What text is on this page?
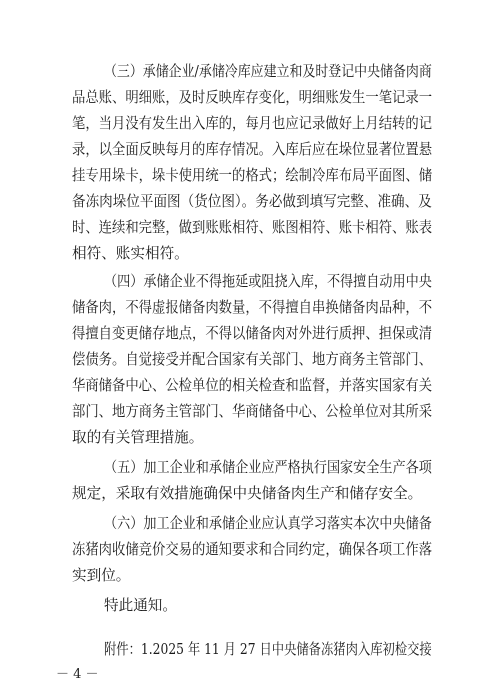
（三）承储企业/承储冷库应建立和及时登记中央储备肉商
品总账、明细账，及时反映库存变化，明细账发生一笔记录一
笔，当月没有发生出入库的，每月也应记录做好上月结转的记
录，以全面反映每月的库存情况。入库后应在垛位显著位置悬
挂专用垛卡，垛卡使用统一的格式；绘制冷库布局平面图、储
备冻肉垛位平面图（货位图）。务必做到填写完整、准确、及
时、连续和完整，做到账账相符、账图相符、账卡相符、账表
相符、账实相符。
（四）承储企业不得拖延或阻挠入库，不得擅自动用中央
储备肉，不得虚报储备肉数量，不得擅自串换储备肉品种，不
得擅自变更储存地点，不得以储备肉对外进行质押、担保或清
偿债务。自觉接受并配合国家有关部门、地方商务主管部门、
华商储备中心、公检单位的相关检查和监督，并落实国家有关
部门、地方商务主管部门、华商储备中心、公检单位对其所采
取的有关管理措施。
（五）加工企业和承储企业应严格执行国家安全生产各项
规定，采取有效措施确保中央储备肉生产和储存安全。
（六）加工企业和承储企业应认真学习落实本次中央储备
冻猪肉收储竞价交易的通知要求和合同约定，确保各项工作落
实到位。
特此通知。
附件：1.2025 年 11 月 27 日中央储备冻猪肉入库初检交接
－ 4 －
